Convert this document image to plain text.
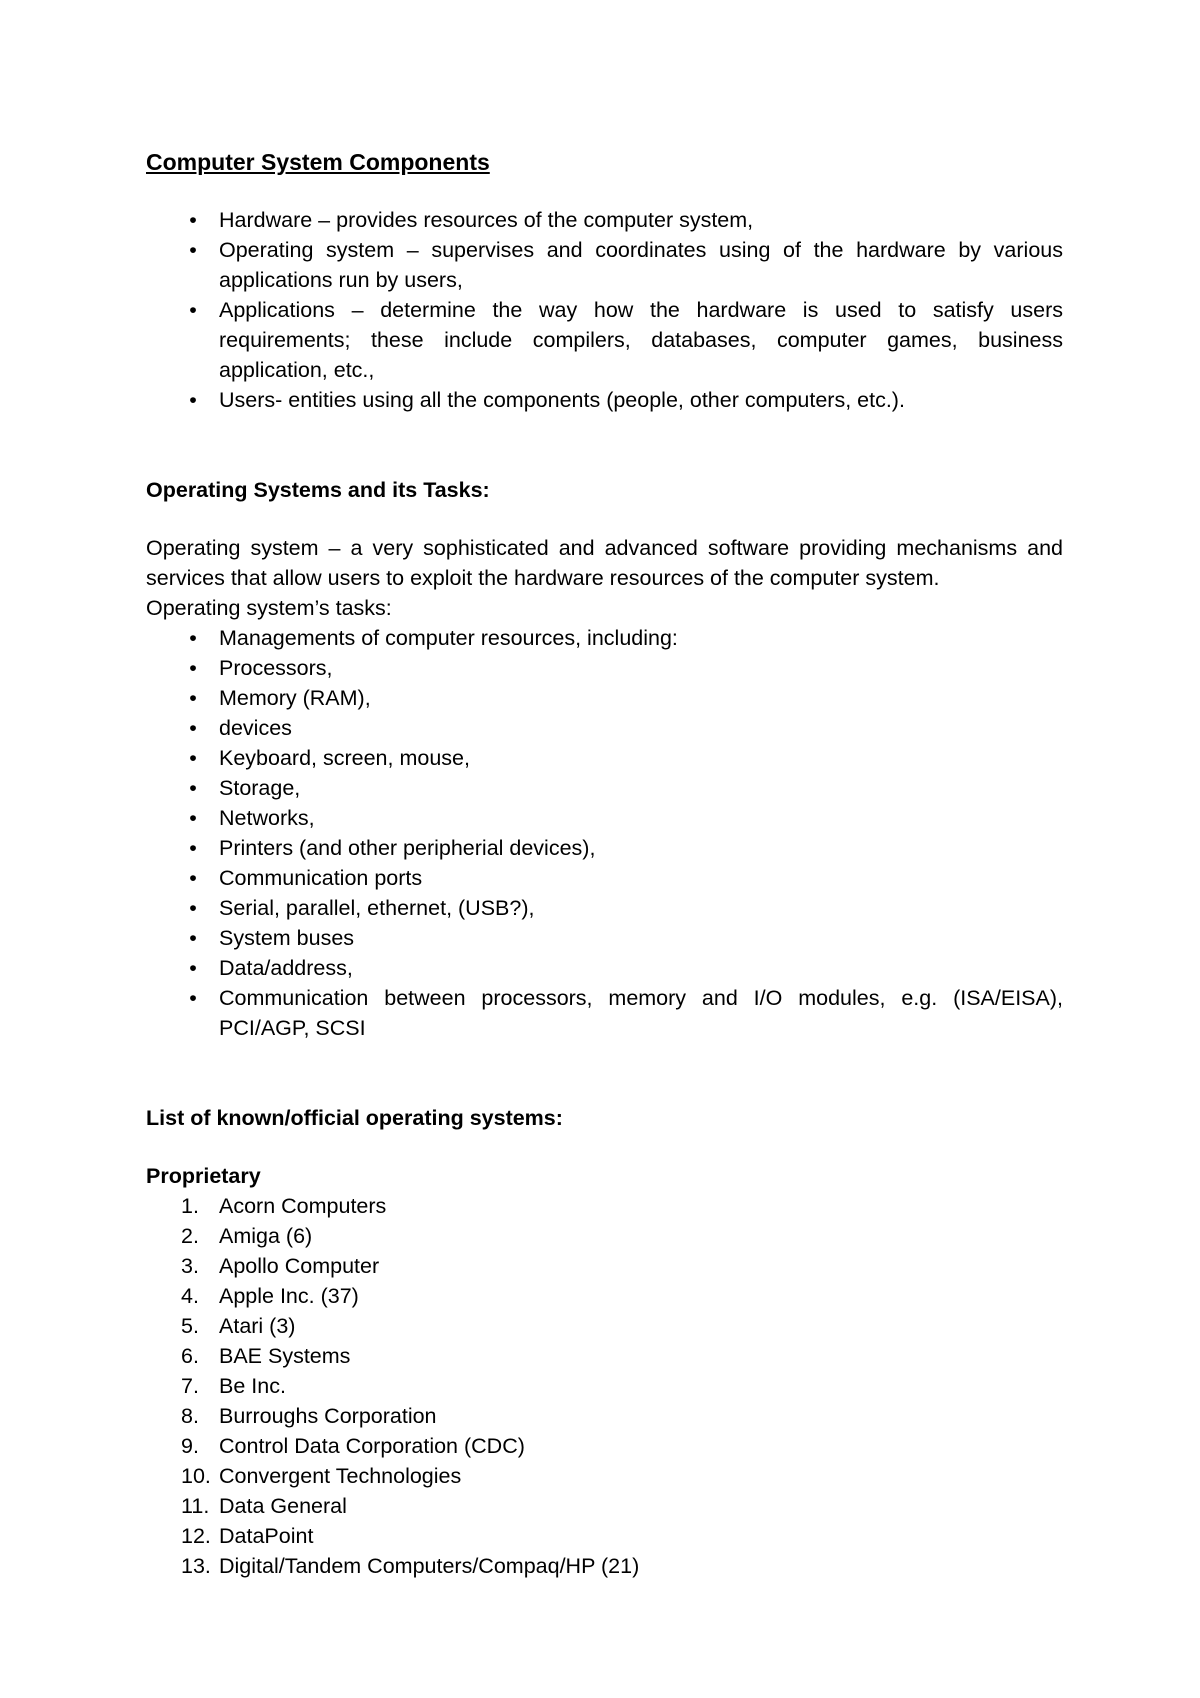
Computer System Components
• Hardware – provides resources of the computer system,
• Operating system – supervises and coordinates using of the hardware by various applications run by users,
• Applications – determine the way how the hardware is used to satisfy users requirements; these include compilers, databases, computer games, business application, etc.,
• Users- entities using all the components (people, other computers, etc.).

Operating Systems and its Tasks:

Operating system – a very sophisticated and advanced software providing mechanisms and services that allow users to exploit the hardware resources of the computer system.

Operating system’s tasks:

• Managements of computer resources, including:
• Processors,
• Memory (RAM),
• devices
• Keyboard, screen, mouse,
• Storage,
• Networks,
• Printers (and other peripherial devices),
• Communication ports
• Serial, parallel, ethernet, (USB?),
• System buses
• Data/address,
• Communication between processors, memory and I/O modules, e.g. (ISA/EISA), PCI/AGP, SCSI

List of known/official operating systems:

Proprietary

1. Acorn Computers
2. Amiga (6)
3. Apollo Computer
4. Apple Inc. (37)
5. Atari (3)
6. BAE Systems
7. Be Inc.
8. Burroughs Corporation
9. Control Data Corporation (CDC)
10. Convergent Technologies
11. Data General
12. DataPoint
13. Digital/Tandem Computers/Compaq/HP (21)
